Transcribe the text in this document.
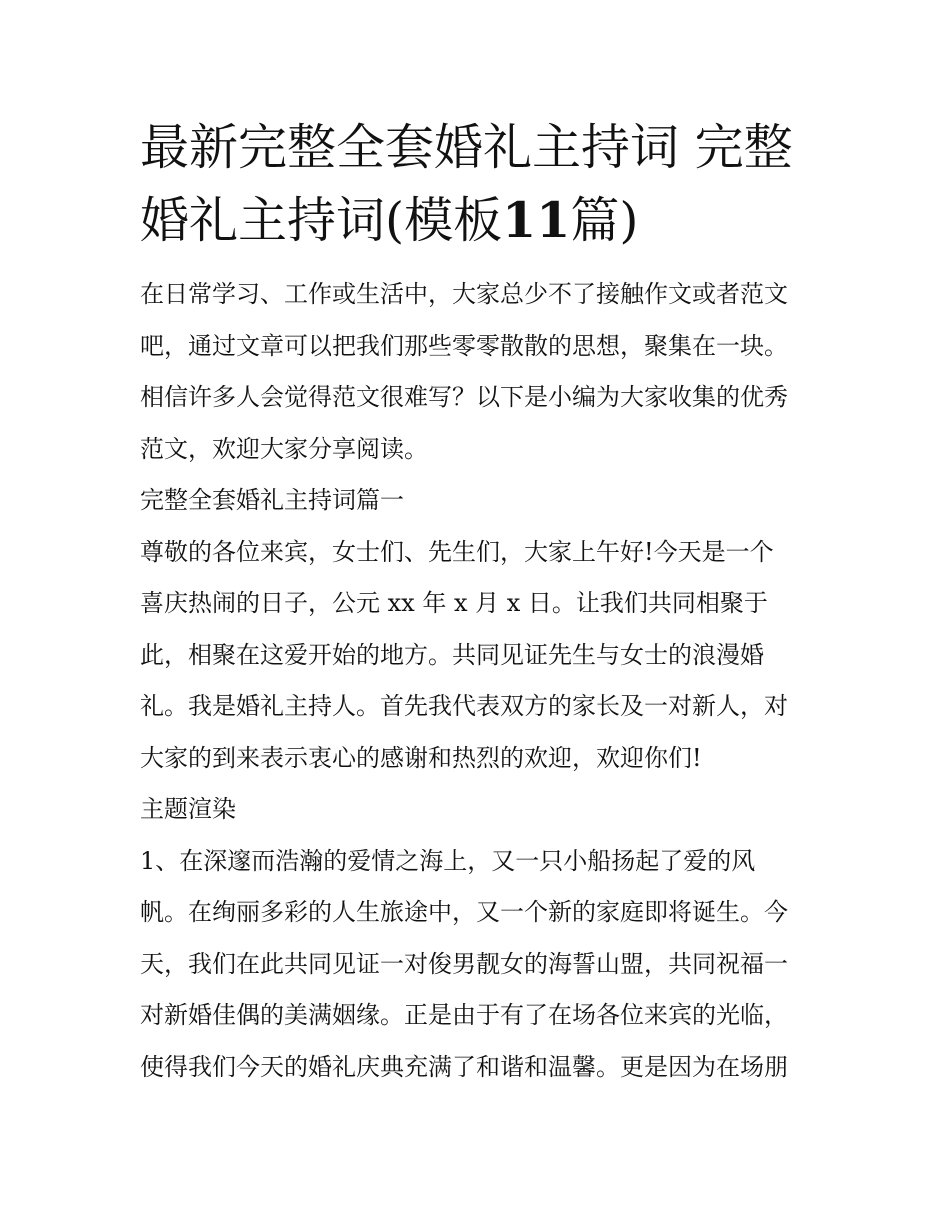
最新完整全套婚礼主持词 完整
婚礼主持词(模板11篇)
在日常学习、工作或生活中，大家总少不了接触作文或者范文
吧，通过文章可以把我们那些零零散散的思想，聚集在一块。
相信许多人会觉得范文很难写？以下是小编为大家收集的优秀
范文，欢迎大家分享阅读。
完整全套婚礼主持词篇一
尊敬的各位来宾，女士们、先生们，大家上午好!今天是一个
喜庆热闹的日子，公元 xx 年 x 月 x 日。让我们共同相聚于
此，相聚在这爱开始的地方。共同见证先生与女士的浪漫婚
礼。我是婚礼主持人。首先我代表双方的家长及一对新人，对
大家的到来表示衷心的感谢和热烈的欢迎，欢迎你们!
主题渲染
1、在深邃而浩瀚的爱情之海上，又一只小船扬起了爱的风
帆。在绚丽多彩的人生旅途中，又一个新的家庭即将诞生。今
天，我们在此共同见证一对俊男靓女的海誓山盟，共同祝福一
对新婚佳偶的美满姻缘。正是由于有了在场各位来宾的光临，
使得我们今天的婚礼庆典充满了和谐和温馨。更是因为在场朋
